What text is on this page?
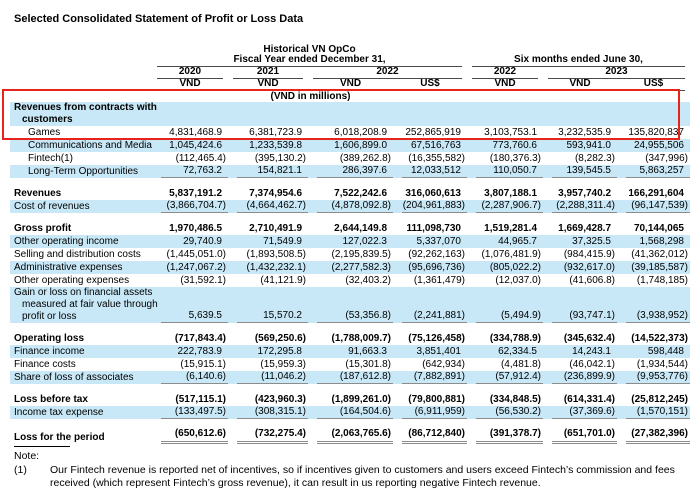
Selected Consolidated Statement of Profit or Loss Data
	Historical VN OpCo						

	Fiscal Year ended December 31,				Six months ended June 30,		

	2020	2021	2022		2022	2023	

	VND	VND	VND	US$	VND	VND	US$

		(VND in millions)					

Revenues from contracts with
customers							

Games	4,831,468.9	6,381,723.9	6,018,208.9	252,865,919	3,103,753.1	3,232,535.9	135,820,837

Communications and Media	1,045,424.6	1,233,539.8	1,606,899.0	67,516,763	773,760.6	593,941.0	24,955,506

Fintech(1)	(112,465.4)	(395,130.2)	(389,262.8)	(16,355,582)	(180,376.3)	(8,282.3)	(347,996)

Long-Term Opportunities	72,763.2	154,821.1	286,397.6	12,033,512	110,050.7	139,545.5	5,863,257

Revenues	5,837,191.2	7,374,954.6	7,522,242.6	316,060,613	3,807,188.1	3,957,740.2	166,291,604

Cost of revenues	(3,866,704.7)	(4,664,462.7)	(4,878,092.8)	(204,961,883)	(2,287,906.7)	(2,288,311.4)	(96,147,539)

Gross profit	1,970,486.5	2,710,491.9	2,644,149.8	111,098,730	1,519,281.4	1,669,428.7	70,144,065

Other operating income	29,740.9	71,549.9	127,022.3	5,337,070	44,965.7	37,325.5	1,568,298

Selling and distribution costs	(1,445,051.0)	(1,893,508.5)	(2,195,839.5)	(92,262,163)	(1,076,481.9)	(984,415.9)	(41,362,012)

Administrative expenses	(1,247,067.2)	(1,432,232.1)	(2,277,582.3)	(95,696,736)	(805,022.2)	(932,617.0)	(39,185,587)

Other operating expenses	(31,592.1)	(41,121.9)	(32,403.2)	(1,361,479)	(12,037.0)	(41,606.8)	(1,748,185)

Gain or loss on financial assets
measured at fair value through
profit or loss	5,639.5	15,570.2	(53,356.8)	(2,241,881)	(5,494.9)	(93,747.1)	(3,938,952)

Operating loss	(717,843.4)	(569,250.6)	(1,788,009.7)	(75,126,458)	(334,788.9)	(345,632.4)	(14,522,373)

Finance income	222,783.9	172,295.8	91,663.3	3,851,401	62,334.5	14,243.1	598,448

Finance costs	(15,915.1)	(15,959.3)	(15,301.8)	(642,934)	(4,481.8)	(46,042.1)	(1,934,544)

Share of loss of associates	(6,140.6)	(11,046.2)	(187,612.8)	(7,882,891)	(57,912.4)	(236,899.9)	(9,953,776)

Loss before tax	(517,115.1)	(423,960.3)	(1,899,261.0)	(79,800,881)	(334,848.5)	(614,331.4)	(25,812,245)

Income tax expense	(133,497.5)	(308,315.1)	(164,504.6)	(6,911,959)	(56,530.2)	(37,369.6)	(1,570,151)

Loss for the period	(650,612.6)	(732,275.4)	(2,063,765.6)	(86,712,840)	(391,378.7)	(651,701.0)	(27,382,396)
Note:
(1)	Our Fintech revenue is reported net of incentives, so if incentives given to customers and users exceed Fintech’s commission and fees received (which represent Fintech’s gross revenue), it can result in us reporting negative Fintech revenue.
